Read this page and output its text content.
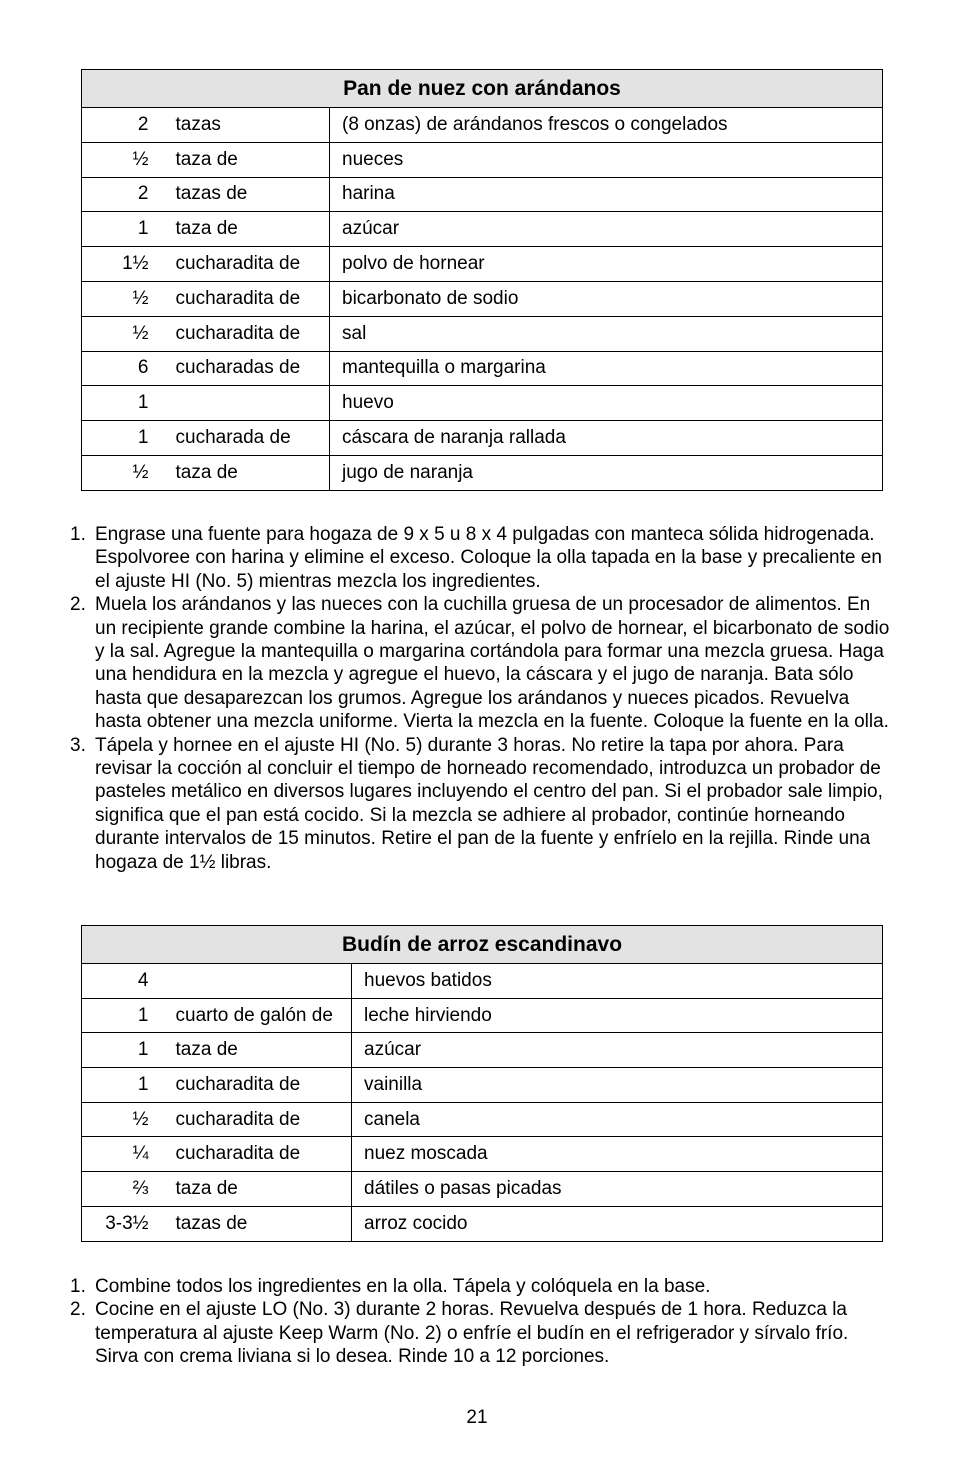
Pan de nuez con arándanos		
2	tazas	(8 onzas) de arándanos frescos o congelados
½	taza de	nueces
2	tazas de	harina
1	taza de	azúcar
1½	cucharadita de	polvo de hornear
½	cucharadita de	bicarbonato de sodio
½	cucharadita de	sal
6	cucharadas de	mantequilla o margarina
1		huevo
1	cucharada de	cáscara de naranja rallada
½	taza de	jugo de naranja
1. Engrase una fuente para hogaza de 9 x 5 u 8 x 4 pulgadas con manteca sólida hidrogenada. Espolvoree con harina y elimine el exceso. Coloque la olla tapada en la base y precaliente en el ajuste HI (No. 5) mientras mezcla los ingredientes.
2. Muela los arándanos y las nueces con la cuchilla gruesa de un procesador de alimentos. En un recipiente grande combine la harina, el azúcar, el polvo de hornear, el bicarbonato de sodio y la sal. Agregue la mantequilla o margarina cortándola para formar una mezcla gruesa. Haga una hendidura en la mezcla y agregue el huevo, la cáscara y el jugo de naranja. Bata sólo hasta que desaparezcan los grumos. Agregue los arándanos y nueces picados. Revuelva hasta obtener una mezcla uniforme. Vierta la mezcla en la fuente. Coloque la fuente en la olla.
3. Tápela y hornee en el ajuste HI (No. 5) durante 3 horas. No retire la tapa por ahora. Para revisar la cocción al concluir el tiempo de horneado recomendado, introduzca un probador de pasteles metálico en diversos lugares incluyendo el centro del pan. Si el probador sale limpio, significa que el pan está cocido. Si la mezcla se adhiere al probador, continúe horneando durante intervalos de 15 minutos. Retire el pan de la fuente y enfríelo en la rejilla. Rinde una hogaza de 1½ libras.
Budín de arroz escandinavo		
4		huevos batidos
1	cuarto de galón de	leche hirviendo
1	taza de	azúcar
1	cucharadita de	vainilla
½	cucharadita de	canela
¼	cucharadita de	nuez moscada
⅔	taza de	dátiles o pasas picadas
3-3½	tazas de	arroz cocido
1. Combine todos los ingredientes en la olla. Tápela y colóquela en la base.
2. Cocine en el ajuste LO (No. 3) durante 2 horas. Revuelva después de 1 hora. Reduzca la temperatura al ajuste Keep Warm (No. 2) o enfríe el budín en el refrigerador y sírvalo frío. Sirva con crema liviana si lo desea. Rinde 10 a 12 porciones.
21
